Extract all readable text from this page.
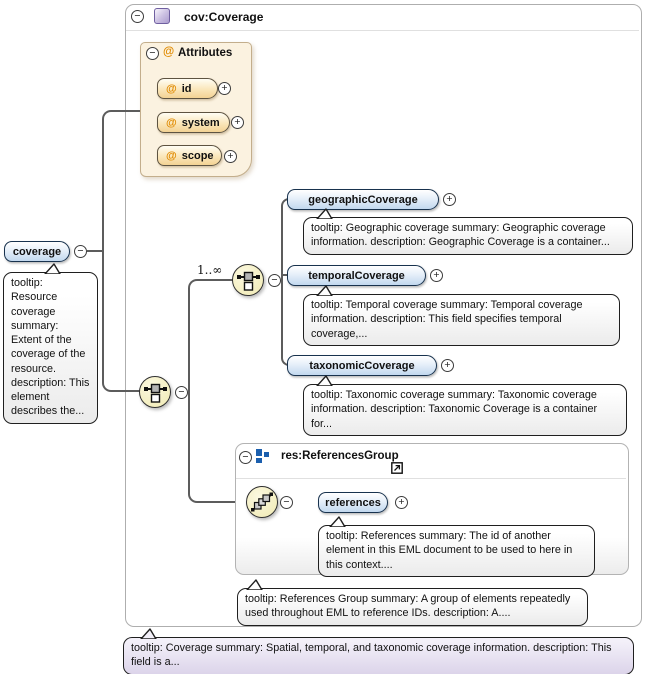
−	cov:Coverage
− @ Attributes
@ id	+
@ system	+
@ scope	+
coverage	−
tooltip: Resource coverage summary: Extent of the coverage of the resource. description: This element describes the...
−
1..∞
−
geographicCoverage	+
tooltip: Geographic coverage summary: Geographic coverage information. description: Geographic Coverage is a container...
temporalCoverage	+
tooltip: Temporal coverage summary: Temporal coverage information. description: This field specifies temporal coverage,...
taxonomicCoverage	+
tooltip: Taxonomic coverage summary: Taxonomic coverage information. description: Taxonomic Coverage is a container for...
−	res:ReferencesGroup
−	references	+
tooltip: References summary: The id of another element in this EML document to be used to here in this context....
tooltip: References Group summary: A group of elements repeatedly used throughout EML to reference IDs. description: A....
tooltip: Coverage summary: Spatial, temporal, and taxonomic coverage information. description: This field is a...
